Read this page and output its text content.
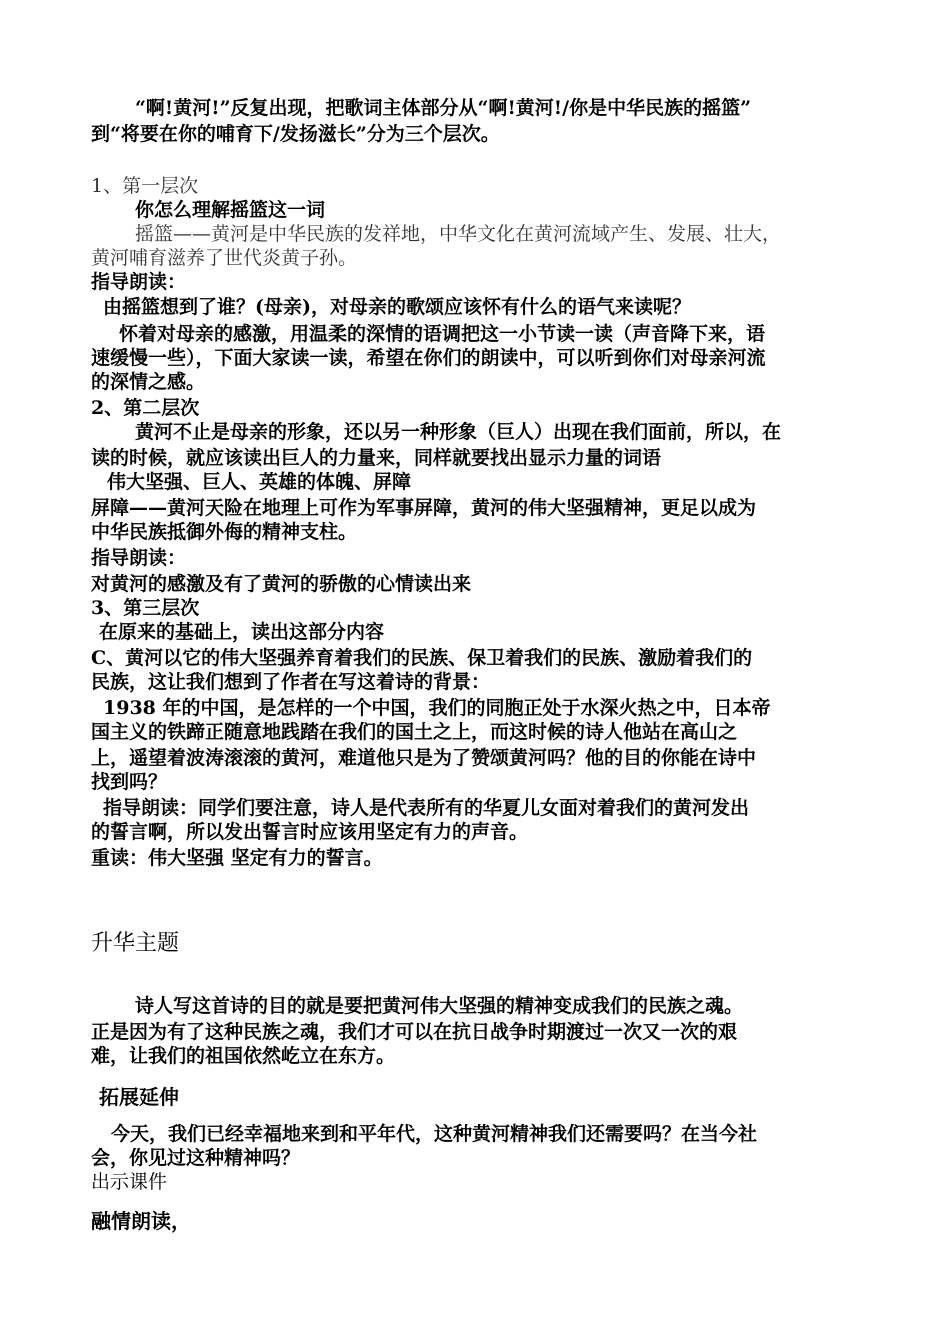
“啊!黄河!”反复出现，把歌词主体部分从“啊!黄河!/你是中华民族的摇篮”
到“将要在你的哺育下/发扬滋长”分为三个层次。
1、第一层次
你怎么理解摇篮这一词
摇篮——黄河是中华民族的发祥地，中华文化在黄河流域产生、发展、壮大，
黄河哺育滋养了世代炎黄子孙。
指导朗读：
由摇篮想到了谁？(母亲)，对母亲的歌颂应该怀有什么的语气来读呢？
怀着对母亲的感激，用温柔的深情的语调把这一小节读一读（声音降下来，语
速缓慢一些），下面大家读一读，希望在你们的朗读中，可以听到你们对母亲河流
的深情之感。
2、第二层次
黄河不止是母亲的形象，还以另一种形象（巨人）出现在我们面前，所以，在
读的时候，就应该读出巨人的力量来，同样就要找出显示力量的词语
伟大坚强、巨人、英雄的体魄、屏障
屏障——黄河天险在地理上可作为军事屏障，黄河的伟大坚强精神，更足以成为
中华民族抵御外侮的精神支柱。
指导朗读：
对黄河的感激及有了黄河的骄傲的心情读出来
3、第三层次
在原来的基础上，读出这部分内容
C、黄河以它的伟大坚强养育着我们的民族、保卫着我们的民族、激励着我们的
民族，这让我们想到了作者在写这着诗的背景：
1938 年的中国，是怎样的一个中国，我们的同胞正处于水深火热之中，日本帝
国主义的铁蹄正随意地践踏在我们的国土之上，而这时候的诗人他站在高山之
上，遥望着波涛滚滚的黄河，难道他只是为了赞颂黄河吗？他的目的你能在诗中
找到吗？
指导朗读：同学们要注意，诗人是代表所有的华夏儿女面对着我们的黄河发出
的誓言啊，所以发出誓言时应该用坚定有力的声音。
重读：伟大坚强 坚定有力的誓言。
升华主题
诗人写这首诗的目的就是要把黄河伟大坚强的精神变成我们的民族之魂。
正是因为有了这种民族之魂，我们才可以在抗日战争时期渡过一次又一次的艰
难，让我们的祖国依然屹立在东方。
拓展延伸
今天，我们已经幸福地来到和平年代，这种黄河精神我们还需要吗？在当今社
会，你见过这种精神吗？
出示课件
融情朗读，
